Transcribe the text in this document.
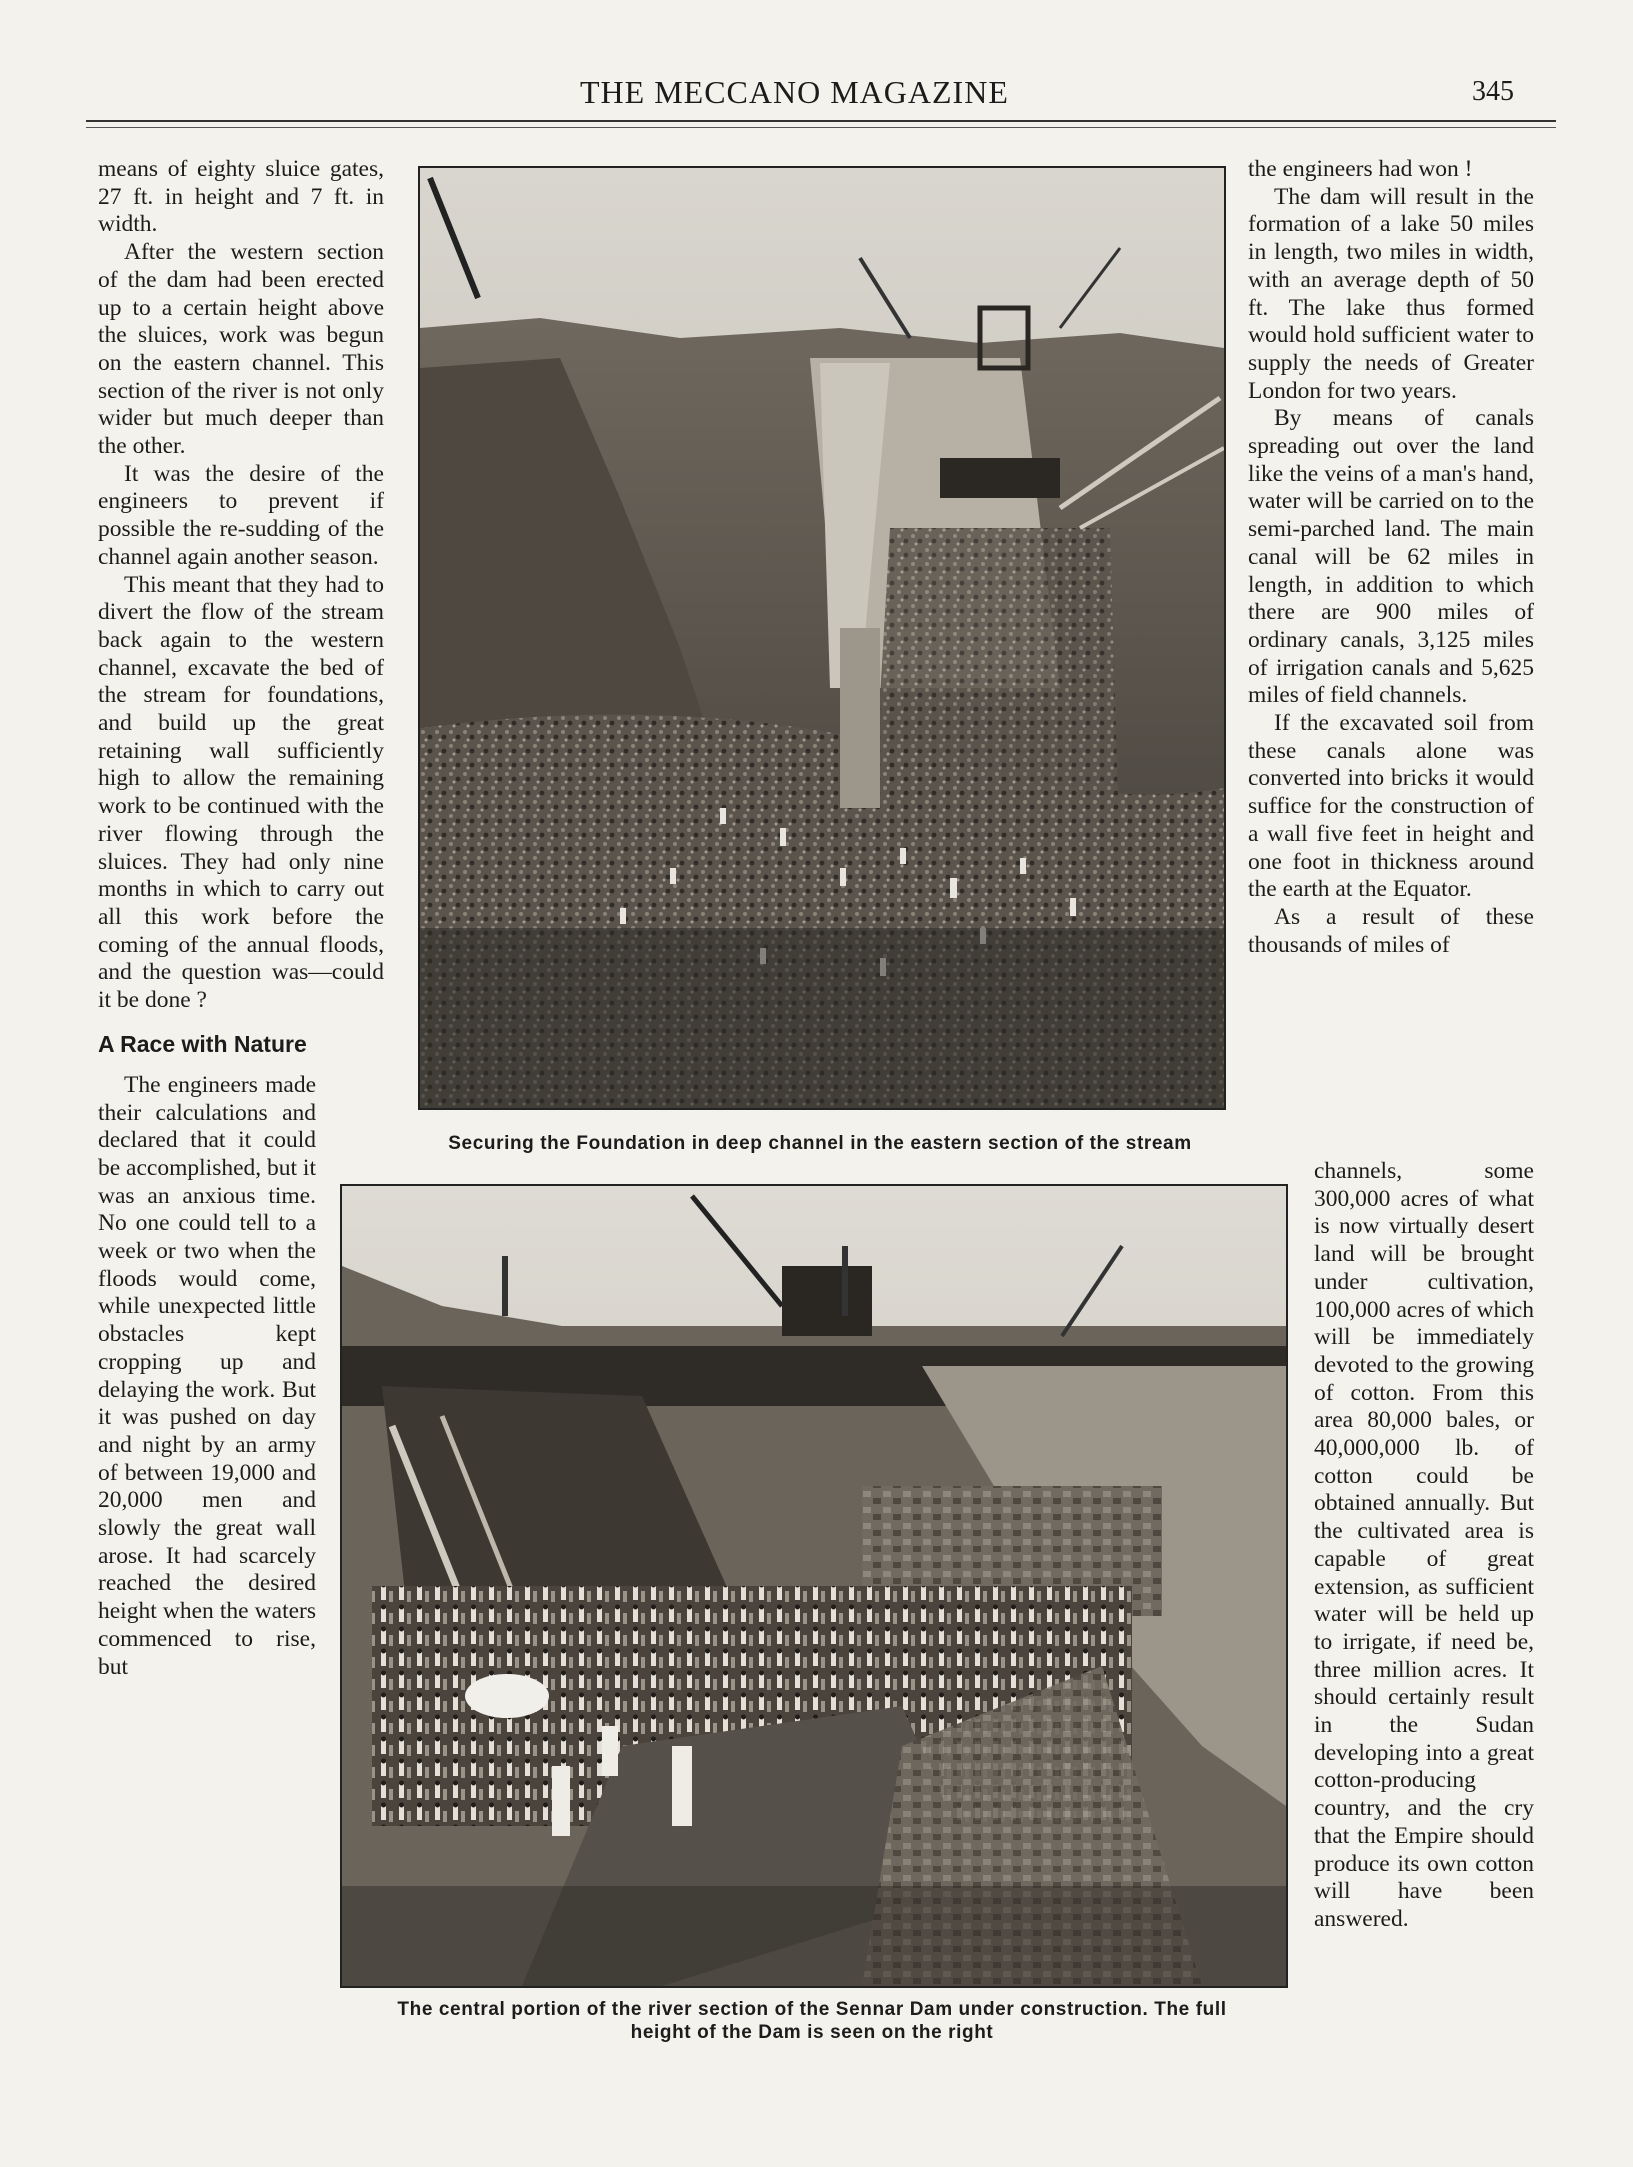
THE MECCANO MAGAZINE	345

means of eighty sluice gates, 27 ft. in height and 7 ft. in width.

After the western section of the dam had been erected up to a certain height above the sluices, work was begun on the eastern channel. This section of the river is not only wider but much deeper than the other.

It was the desire of the engineers to prevent if possible the re-sudding of the channel again another season.

This meant that they had to divert the flow of the stream back again to the western channel, excavate the bed of the stream for foundations, and build up the great retaining wall sufficiently high to allow the remaining work to be continued with the river flowing through the sluices. They had only nine months in which to carry out all this work before the coming of the annual floods, and the question was—could it be done ?

A Race with Nature

The engineers made their calculations and declared that it could be accomplished, but it was an anxious time. No one could tell to a week or two when the floods would come, while unexpected little obstacles kept cropping up and delaying the work. But it was pushed on day and night by an army of between 19,000 and 20,000 men and slowly the great wall arose. It had scarcely reached the desired height when the waters commenced to rise, but

the engineers had won !

The dam will result in the formation of a lake 50 miles in length, two miles in width, with an average depth of 50 ft. The lake thus formed would hold sufficient water to supply the needs of Greater London for two years.

By means of canals spreading out over the land like the veins of a man's hand, water will be carried on to the semi-parched land. The main canal will be 62 miles in length, in addition to which there are 900 miles of ordinary canals, 3,125 miles of irrigation canals and 5,625 miles of field channels.

If the excavated soil from these canals alone was converted into bricks it would suffice for the construction of a wall five feet in height and one foot in thickness around the earth at the Equator.

As a result of these thousands of miles of

channels, some 300,000 acres of what is now virtually desert land will be brought under cultivation, 100,000 acres of which will be immediately devoted to the growing of cotton. From this area 80,000 bales, or 40,000,000 lb. of cotton could be obtained annually. But the cultivated area is capable of great extension, as sufficient water will be held up to irrigate, if need be, three million acres. It should certainly result in the Sudan developing into a great cotton-producing country, and the cry that the Empire should produce its own cotton will have been answered.

Securing the Foundation in deep channel in the eastern section of the stream
The central portion of the river section of the Sennar Dam under construction. The full
height of the Dam is seen on the right
